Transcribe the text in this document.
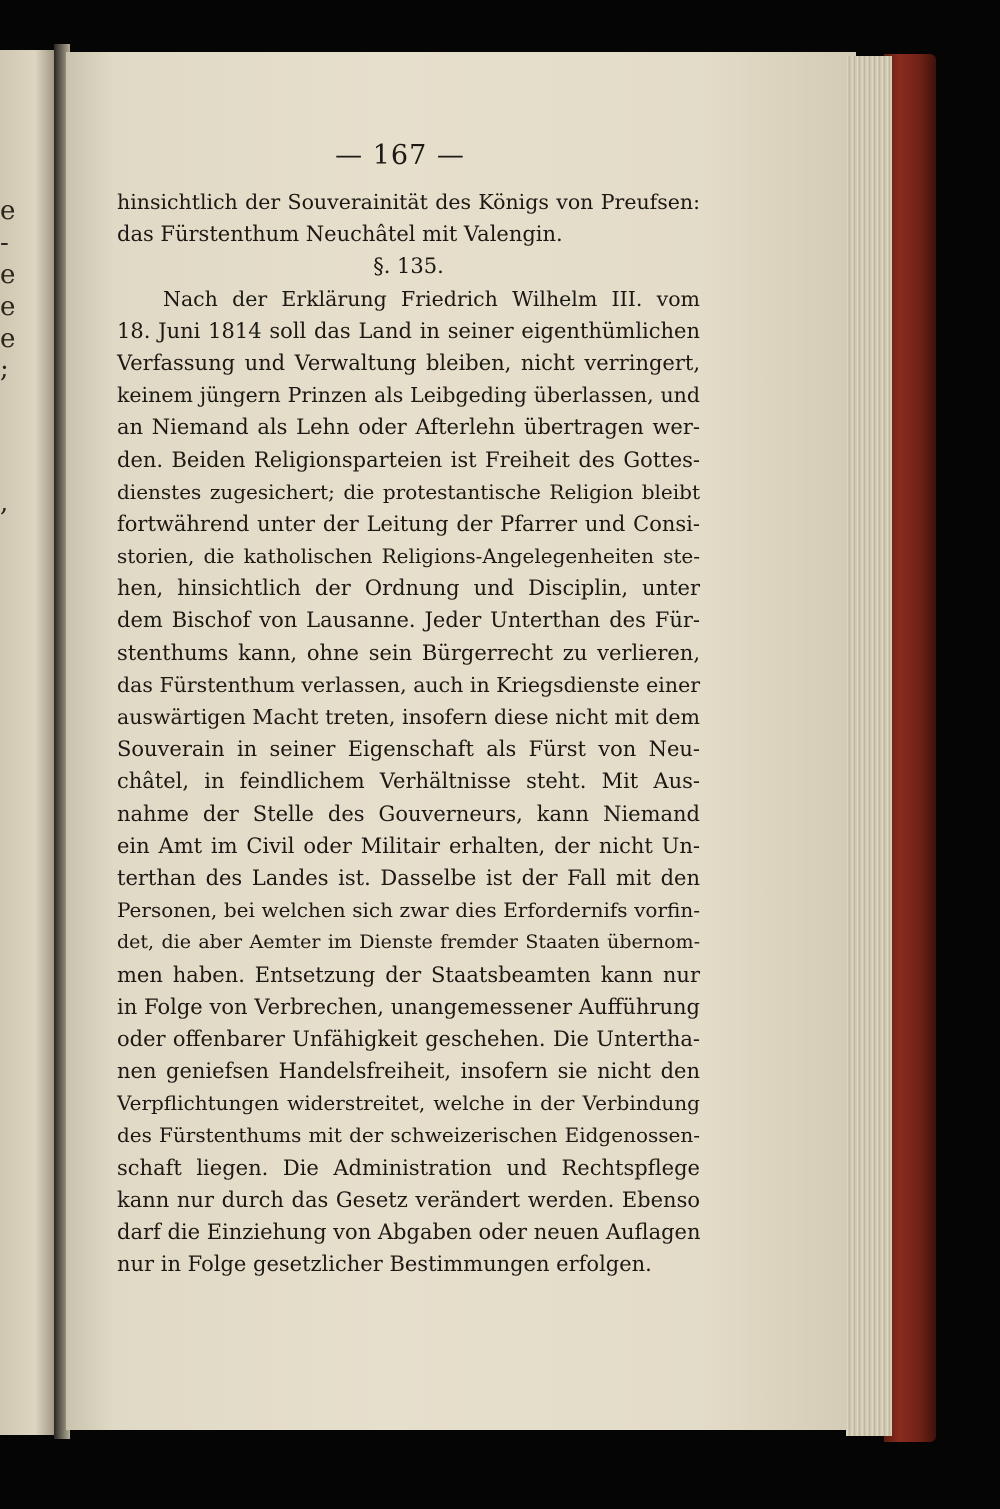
e
-
e
e
e
;
,
— 167 —
hinsichtlich der Souverainität des Königs von Preufsen:
das Fürstenthum Neuchâtel mit Valengin.
§. 135.
Nach der Erklärung Friedrich Wilhelm III. vom
18. Juni 1814 soll das Land in seiner eigenthümlichen
Verfassung und Verwaltung bleiben, nicht verringert,
keinem jüngern Prinzen als Leibgeding überlassen, und
an Niemand als Lehn oder Afterlehn übertragen wer-
den. Beiden Religionsparteien ist Freiheit des Gottes-
dienstes zugesichert; die protestantische Religion bleibt
fortwährend unter der Leitung der Pfarrer und Consi-
storien, die katholischen Religions-Angelegenheiten ste-
hen, hinsichtlich der Ordnung und Disciplin, unter
dem Bischof von Lausanne. Jeder Unterthan des Für-
stenthums kann, ohne sein Bürgerrecht zu verlieren,
das Fürstenthum verlassen, auch in Kriegsdienste einer
auswärtigen Macht treten, insofern diese nicht mit dem
Souverain in seiner Eigenschaft als Fürst von Neu-
châtel, in feindlichem Verhältnisse steht. Mit Aus-
nahme der Stelle des Gouverneurs, kann Niemand
ein Amt im Civil oder Militair erhalten, der nicht Un-
terthan des Landes ist. Dasselbe ist der Fall mit den
Personen, bei welchen sich zwar dies Erfordernifs vorfin-
det, die aber Aemter im Dienste fremder Staaten übernom-
men haben. Entsetzung der Staatsbeamten kann nur
in Folge von Verbrechen, unangemessener Aufführung
oder offenbarer Unfähigkeit geschehen. Die Untertha-
nen geniefsen Handelsfreiheit, insofern sie nicht den
Verpflichtungen widerstreitet, welche in der Verbindung
des Fürstenthums mit der schweizerischen Eidgenossen-
schaft liegen. Die Administration und Rechtspflege
kann nur durch das Gesetz verändert werden. Ebenso
darf die Einziehung von Abgaben oder neuen Auflagen
nur in Folge gesetzlicher Bestimmungen erfolgen.
